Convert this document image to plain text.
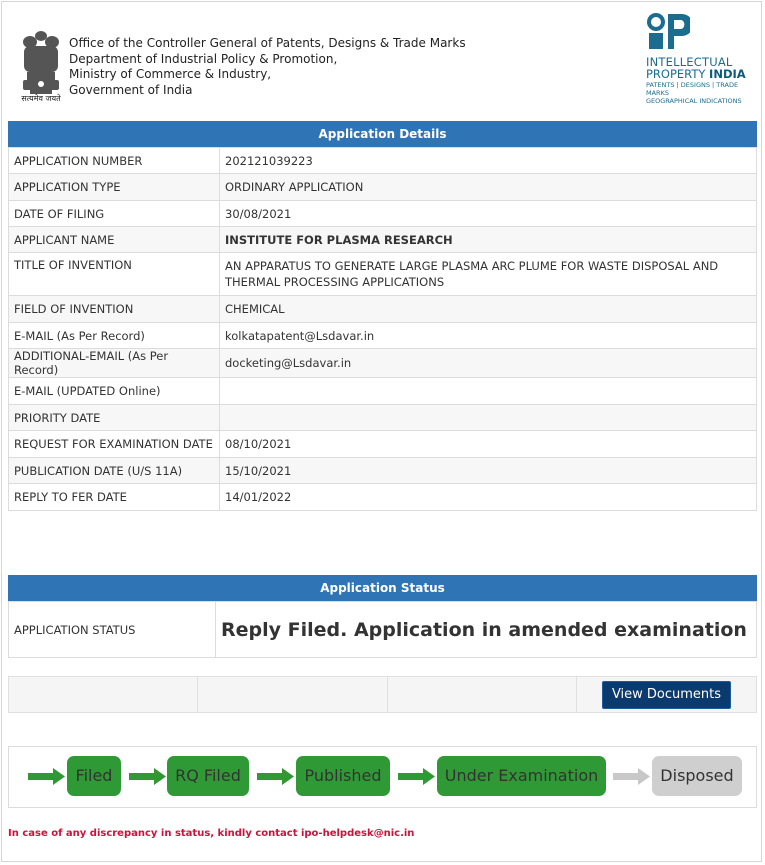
सत्यमेव जयते
Office of the Controller General of Patents, Designs & Trade Marks
Department of Industrial Policy & Promotion,
Ministry of Commerce & Industry,
Government of India
INTELLECTUAL
PROPERTY INDIA
PATENTS | DESIGNS | TRADE MARKS
GEOGRAPHICAL INDICATIONS
Application Details
APPLICATION NUMBER	202121039223
APPLICATION TYPE	ORDINARY APPLICATION
DATE OF FILING	30/08/2021
APPLICANT NAME	INSTITUTE FOR PLASMA RESEARCH
TITLE OF INVENTION	AN APPARATUS TO GENERATE LARGE PLASMA ARC PLUME FOR WASTE DISPOSAL AND THERMAL PROCESSING APPLICATIONS
FIELD OF INVENTION	CHEMICAL
E-MAIL (As Per Record)	kolkatapatent@Lsdavar.in
ADDITIONAL-EMAIL (As Per Record)	docketing@Lsdavar.in
E-MAIL (UPDATED Online)	
PRIORITY DATE	
REQUEST FOR EXAMINATION DATE	08/10/2021
PUBLICATION DATE (U/S 11A)	15/10/2021
REPLY TO FER DATE	14/01/2022
Application Status
APPLICATION STATUS	Reply Filed. Application in amended examination
			View Documents
Filed	RQ Filed	Published	Under Examination	Disposed
In case of any discrepancy in status, kindly contact ipo-helpdesk@nic.in
